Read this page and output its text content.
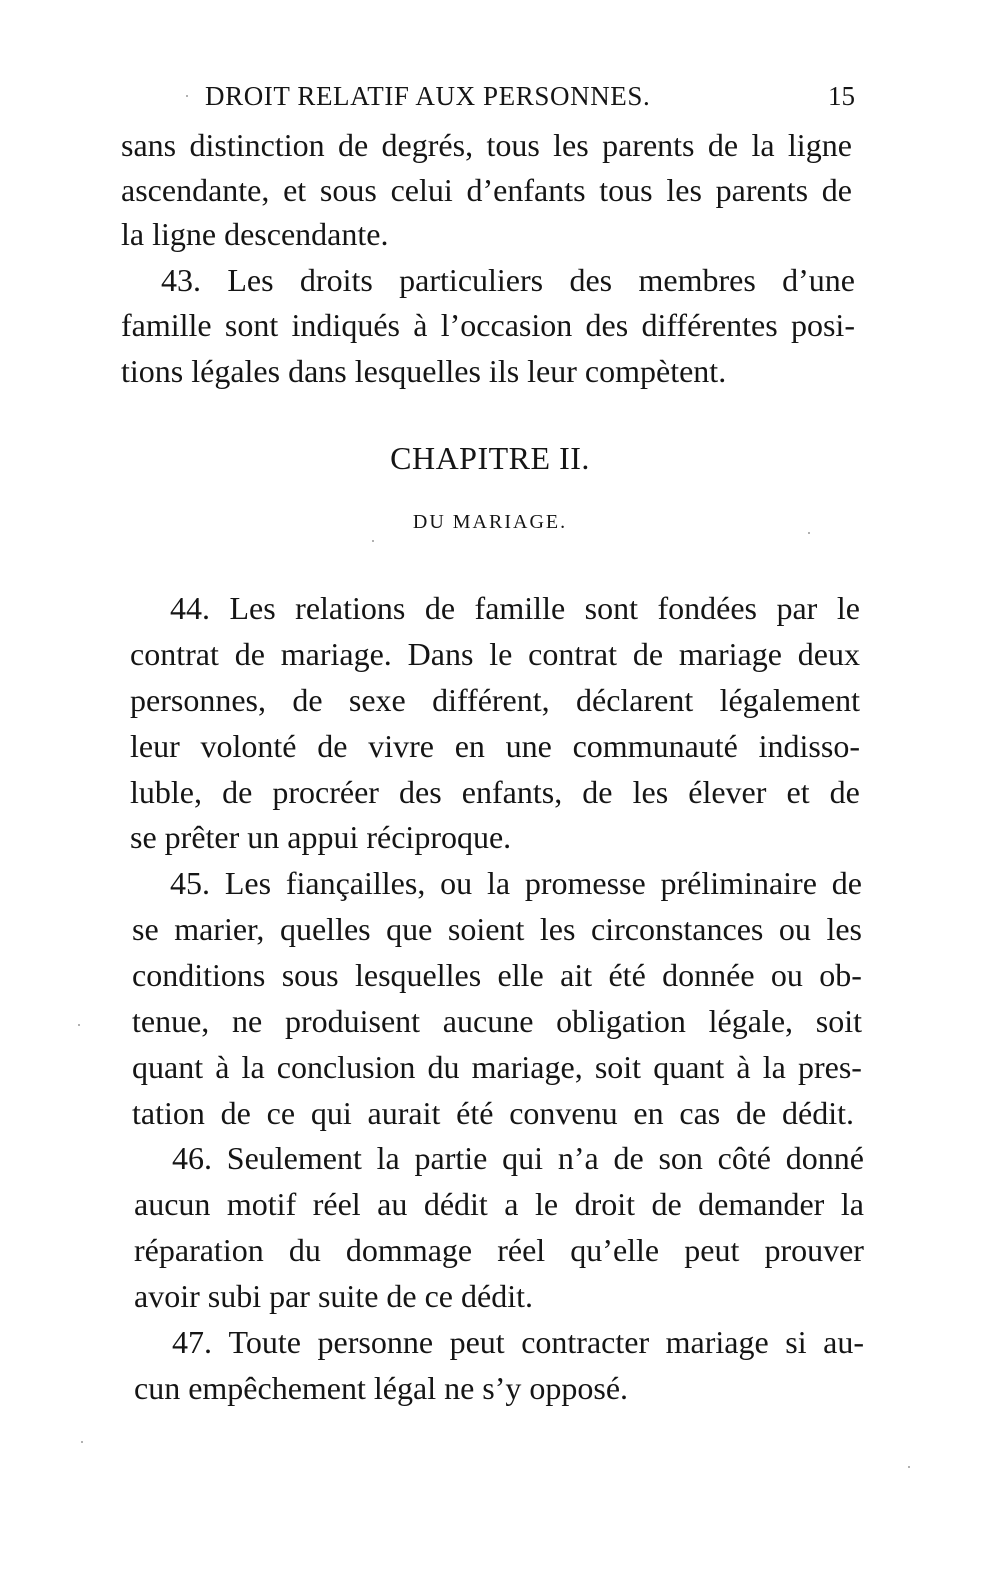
DROIT RELATIF AUX PERSONNES.	15
sans distinction de degrés, tous les parents de la ligne
ascendante, et sous celui d’enfants tous les parents de
la ligne descendante.
43. Les droits particuliers des membres d’une
famille sont indiqués à l’occasion des différentes posi-
tions légales dans lesquelles ils leur compètent.
CHAPITRE II.
DU MARIAGE.
44. Les relations de famille sont fondées par le
contrat de mariage. Dans le contrat de mariage deux
personnes, de sexe différent, déclarent légalement
leur volonté de vivre en une communauté indisso-
luble, de procréer des enfants, de les élever et de
se prêter un appui réciproque.
45. Les fiançailles, ou la promesse préliminaire de
se marier, quelles que soient les circonstances ou les
conditions sous lesquelles elle ait été donnée ou ob-
tenue, ne produisent aucune obligation légale, soit
quant à la conclusion du mariage, soit quant à la pres-
tation de ce qui aurait été convenu en cas de dédit.
46. Seulement la partie qui n’a de son côté donné
aucun motif réel au dédit a le droit de demander la
réparation du dommage réel qu’elle peut prouver
avoir subi par suite de ce dédit.
47. Toute personne peut contracter mariage si au-
cun empêchement légal ne s’y opposé.
